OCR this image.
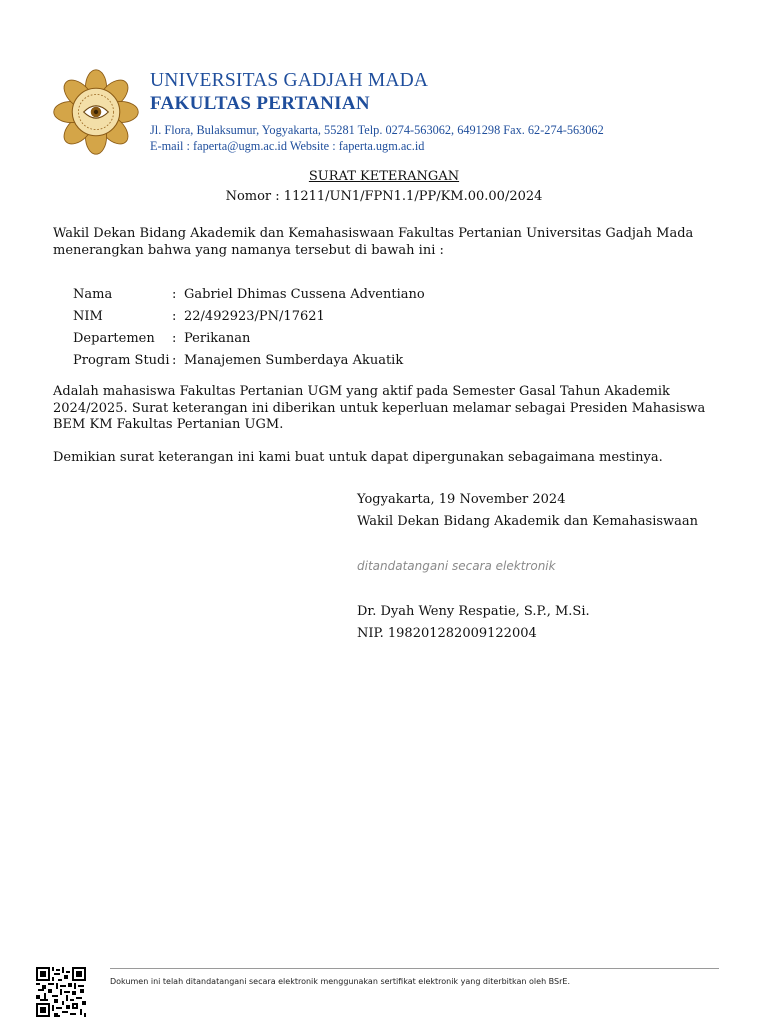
UNIVERSITAS GADJAH MADA
FAKULTAS PERTANIAN
Jl. Flora, Bulaksumur, Yogyakarta, 55281 Telp. 0274-563062, 6491298 Fax. 62-274-563062
E-mail : faperta@ugm.ac.id Website : faperta.ugm.ac.id
SURAT KETERANGAN
Nomor : 11211/UN1/FPN1.1/PP/KM.00.00/2024
Wakil Dekan Bidang Akademik dan Kemahasiswaan Fakultas Pertanian Universitas Gadjah Mada menerangkan bahwa yang namanya tersebut di bawah ini :
Nama	:	Gabriel Dhimas Cussena Adventiano
NIM	:	22/492923/PN/17621
Departemen	:	Perikanan
Program Studi	:	Manajemen Sumberdaya Akuatik
Adalah mahasiswa Fakultas Pertanian UGM yang aktif pada Semester Gasal Tahun Akademik 2024/2025. Surat keterangan ini diberikan untuk keperluan melamar sebagai Presiden Mahasiswa BEM KM Fakultas Pertanian UGM.
Demikian surat keterangan ini kami buat untuk dapat dipergunakan sebagaimana mestinya.
Yogyakarta, 19 November 2024
Wakil Dekan Bidang Akademik dan Kemahasiswaan
ditandatangani secara elektronik
Dr. Dyah Weny Respatie, S.P., M.Si.
NIP. 198201282009122004
Dokumen ini telah ditandatangani secara elektronik menggunakan sertifikat elektronik yang diterbitkan oleh BSrE.
